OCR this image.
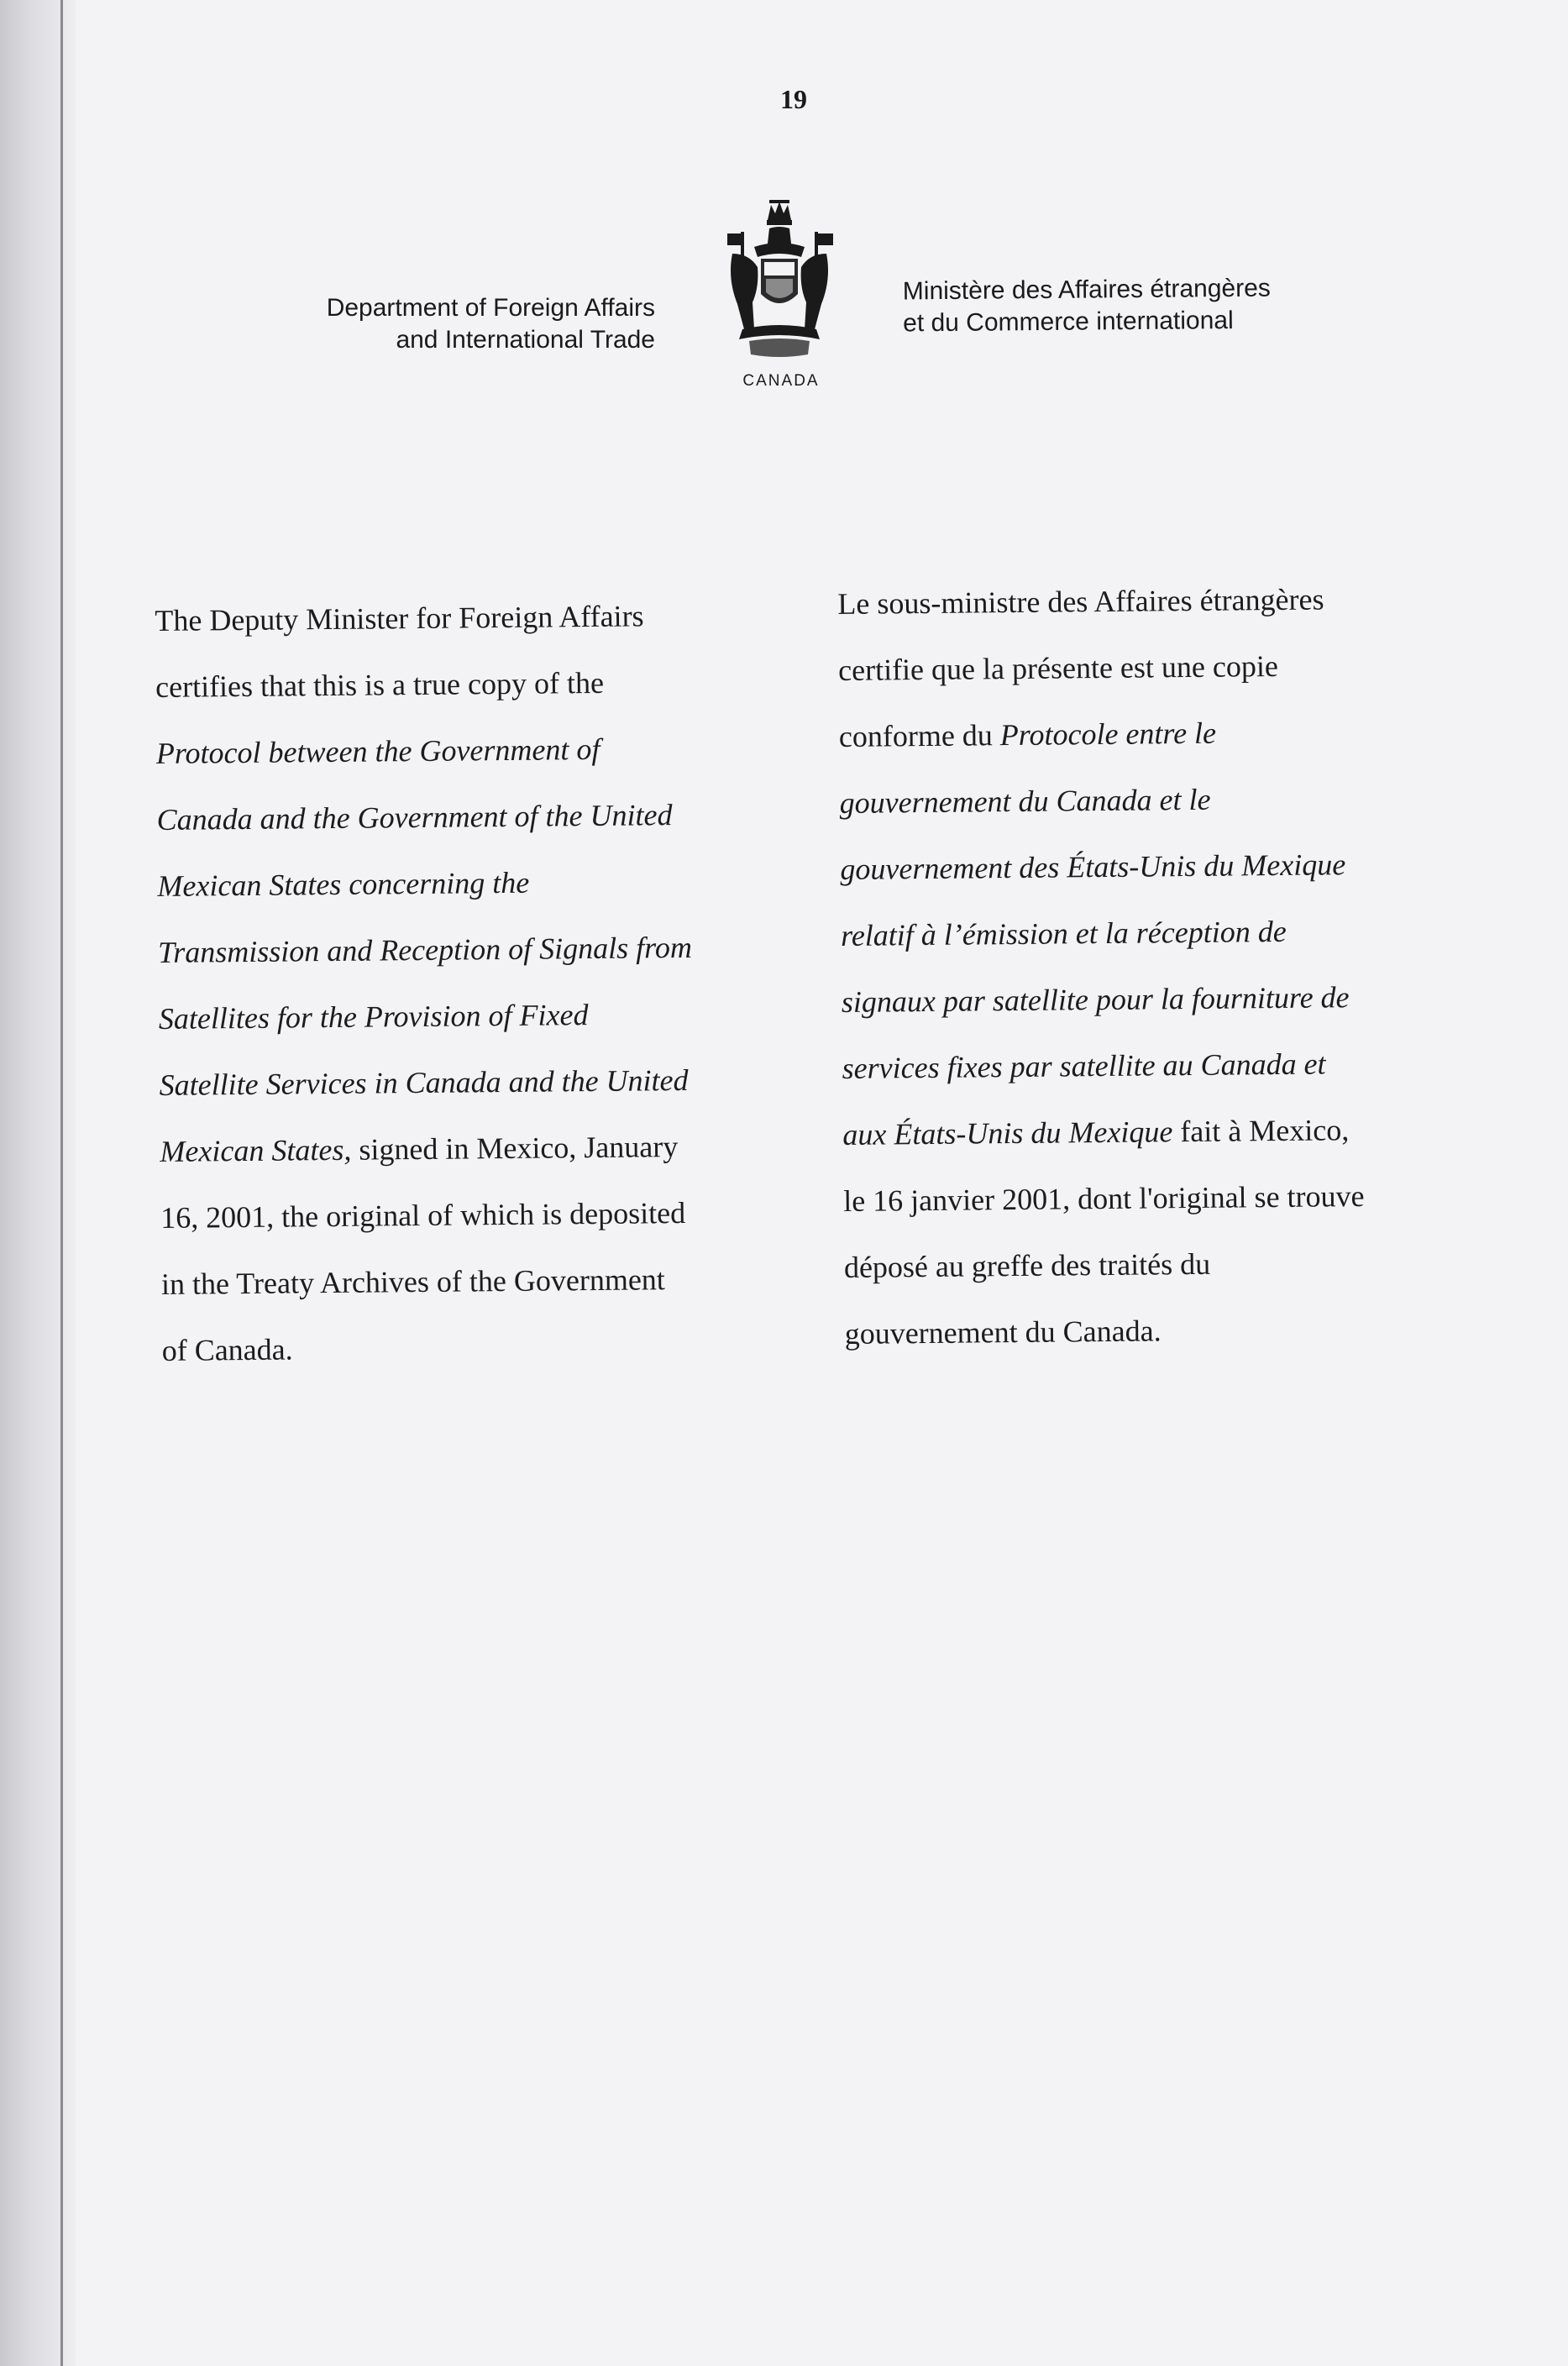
19
Department of Foreign Affairs
and International Trade
CANADA
Ministère des Affaires étrangères
et du Commerce international
The Deputy Minister for Foreign Affairs
certifies that this is a true copy of the
Protocol between the Government of
Canada and the Government of the United
Mexican States concerning the
Transmission and Reception of Signals from
Satellites for the Provision of Fixed
Satellite Services in Canada and the United
Mexican States, signed in Mexico, January
16, 2001, the original of which is deposited
in the Treaty Archives of the Government
of Canada.
Le sous-ministre des Affaires étrangères
certifie que la présente est une copie
conforme du Protocole entre le
gouvernement du Canada et le
gouvernement des États-Unis du Mexique
relatif à l’émission et la réception de
signaux par satellite pour la fourniture de
services fixes par satellite au Canada et
aux États-Unis du Mexique fait à Mexico,
le 16 janvier 2001, dont l'original se trouve
déposé au greffe des traités du
gouvernement du Canada.
